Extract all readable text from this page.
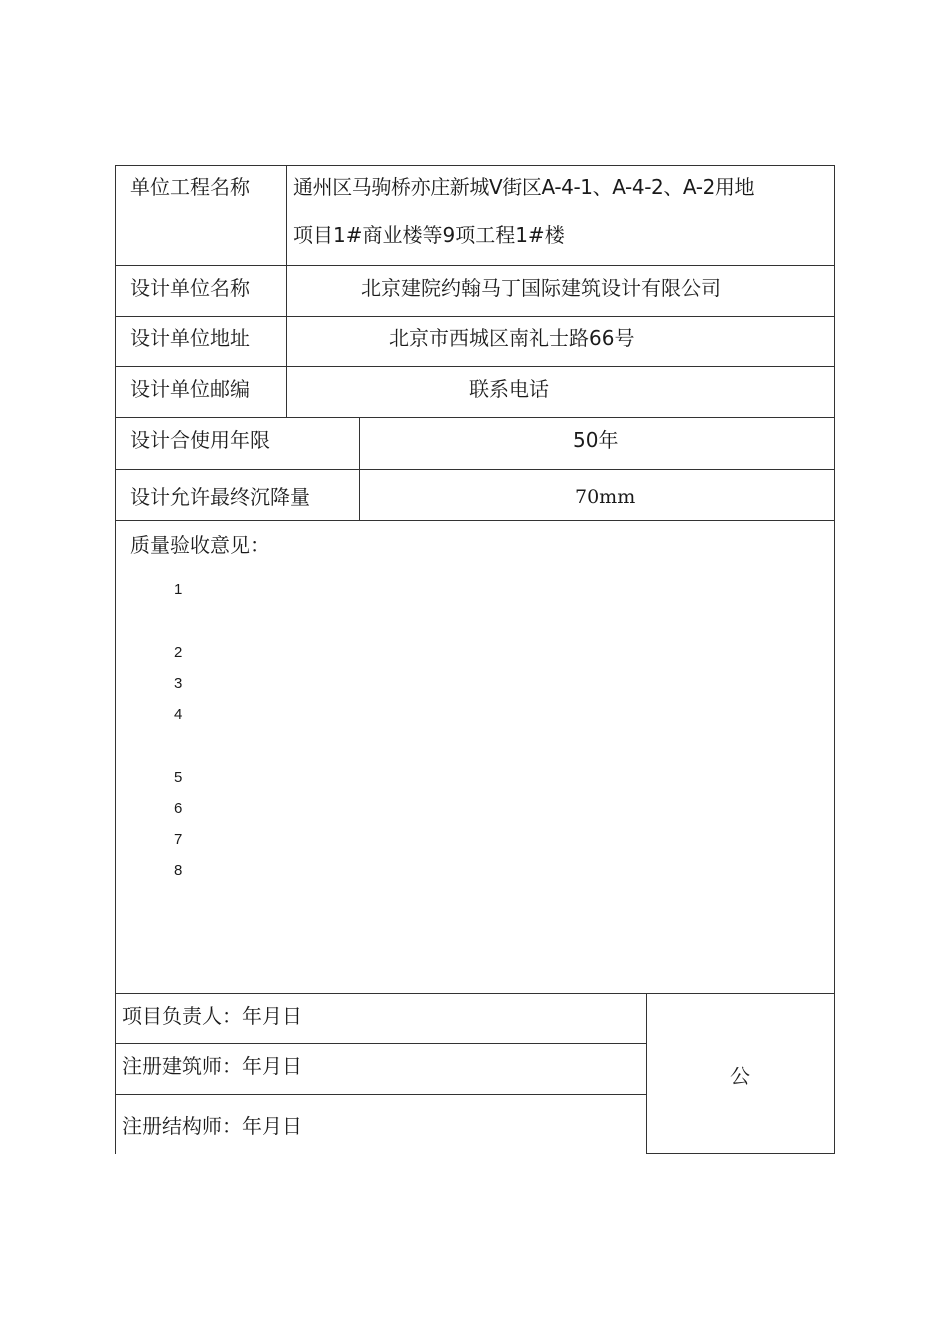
单位工程名称 通州区马驹桥亦庄新城Ⅴ街区A-4-1、A-4-2、A-2用地
项目1#商业楼等9项工程1#楼
设计单位名称	北京建院约翰马丁国际建筑设计有限公司
设计单位地址	北京市西城区南礼士路66号
设计单位邮编	联系电话
设计合使用年限	50年
设计允许最终沉降量	70mm
质量验收意见：
1
2
3
4
5
6
7
8
项目负责人：年月日
注册建筑师：年月日
注册结构师：年月日
公
